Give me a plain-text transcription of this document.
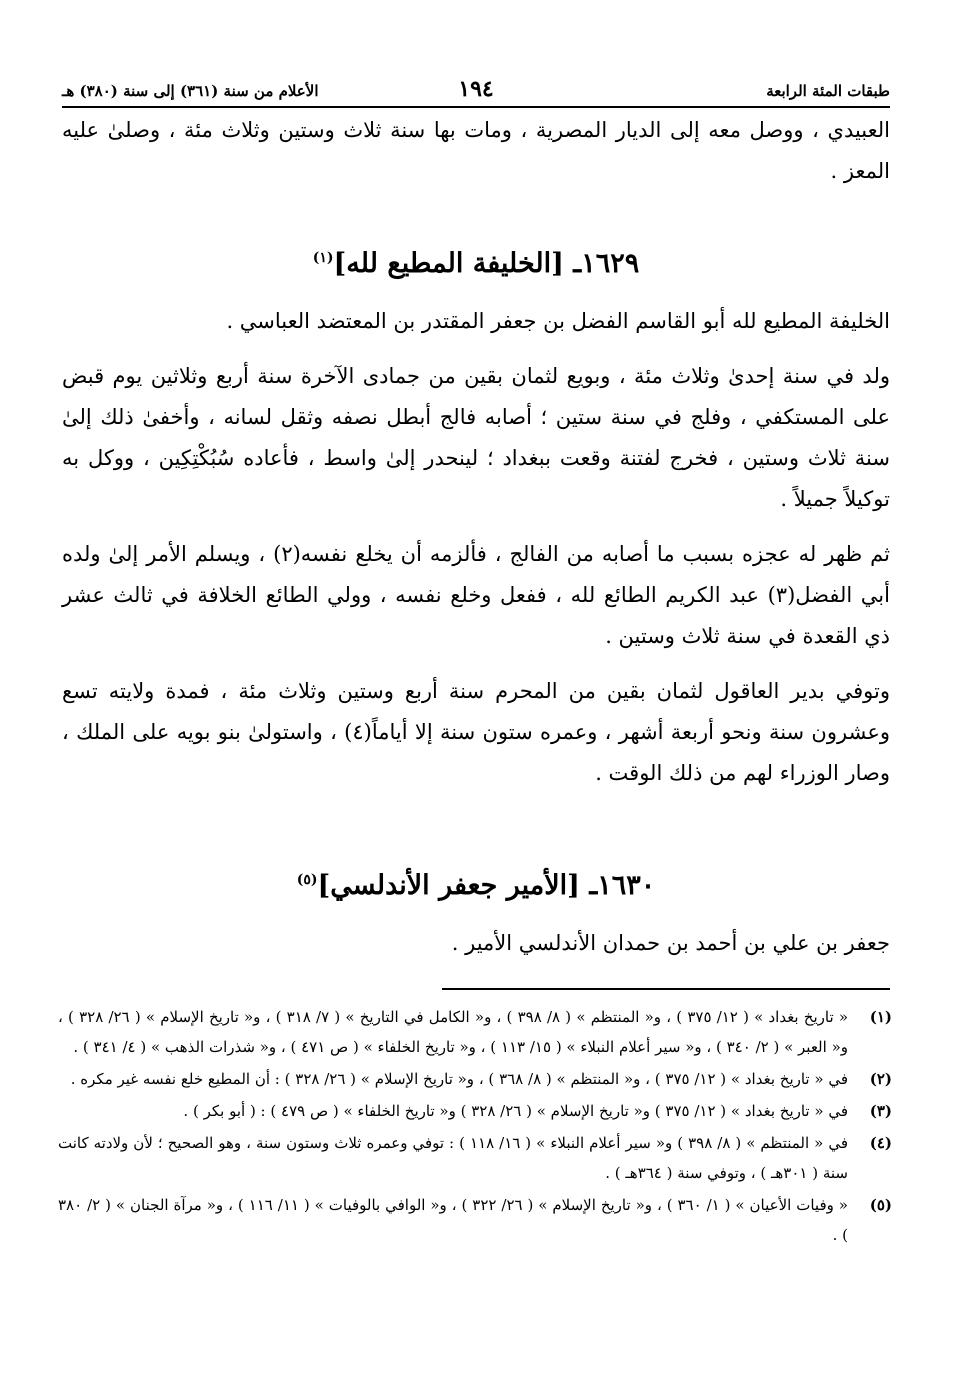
طبقات المئة الرابعة
١٩٤
الأعلام من سنة (٣٦١) إلى سنة (٣٨٠) هـ

العبيدي ، ووصل معه إلى الديار المصرية ، ومات بها سنة ثلاث وستين وثلاث مئة ، وصلىٰ عليه المعز .

١٦٢٩ـ [الخليفة المطيع لله]$^{(١)}$

الخليفة المطيع لله أبو القاسم الفضل بن جعفر المقتدر بن المعتضد العباسي .

ولد في سنة إحدىٰ وثلاث مئة ، وبويع لثمان بقين من جمادى الآخرة سنة أربع وثلاثين يوم قبض على المستكفي ، وفلج في سنة ستين ؛ أصابه فالج أبطل نصفه وثقل لسانه ، وأخفىٰ ذلك إلىٰ سنة ثلاث وستين ، فخرج لفتنة وقعت ببغداد ؛ لينحدر إلىٰ واسط ، فأعاده سُبُكْتِكِين ، ووكل به توكيلاً جميلاً .

ثم ظهر له عجزه بسبب ما أصابه من الفالج ، فألزمه أن يخلع نفسه(٢) ، ويسلم الأمر إلىٰ ولده أبي الفضل(٣) عبد الكريم الطائع لله ، ففعل وخلع نفسه ، وولي الطائع الخلافة في ثالث عشر ذي القعدة في سنة ثلاث وستين .

وتوفي بدير العاقول لثمان بقين من المحرم سنة أربع وستين وثلاث مئة ، فمدة ولايته تسع وعشرون سنة ونحو أربعة أشهر ، وعمره ستون سنة إلا أياماً(٤) ، واستولىٰ بنو بويه على الملك ، وصار الوزراء لهم من ذلك الوقت .

١٦٣٠ـ [الأمير جعفر الأندلسي]$^{(٥)}$

جعفر بن علي بن أحمد بن حمدان الأندلسي الأمير .

(١)
« تاريخ بغداد » ( ١٢/ ٣٧٥ ) ، و« المنتظم » ( ٨/ ٣٩٨ ) ، و« الكامل في التاريخ » ( ٧/ ٣١٨ ) ، و« تاريخ الإسلام » ( ٢٦/ ٣٢٨ ) ، و« العبر » ( ٢/ ٣٤٠ ) ، و« سير أعلام النبلاء » ( ١٥/ ١١٣ ) ، و« تاريخ الخلفاء » ( ص ٤٧١ ) ، و« شذرات الذهب » ( ٤/ ٣٤١ ) .
(٢)
في « تاريخ بغداد » ( ١٢/ ٣٧٥ ) ، و« المنتظم » ( ٨/ ٣٦٨ ) ، و« تاريخ الإسلام » ( ٢٦/ ٣٢٨ ) : أن المطيع خلع نفسه غير مكره .
(٣)
في « تاريخ بغداد » ( ١٢/ ٣٧٥ ) و« تاريخ الإسلام » ( ٢٦/ ٣٢٨ ) و« تاريخ الخلفاء » ( ص ٤٧٩ ) : ( أبو بكر ) .
(٤)
في « المنتظم » ( ٨/ ٣٩٨ ) و« سير أعلام النبلاء » ( ١٦/ ١١٨ ) : توفي وعمره ثلاث وستون سنة ، وهو الصحيح ؛ لأن ولادته كانت سنة ( ٣٠١هـ ) ، وتوفي سنة ( ٣٦٤هـ ) .
(٥)
« وفيات الأعيان » ( ١/ ٣٦٠ ) ، و« تاريخ الإسلام » ( ٢٦/ ٣٢٢ ) ، و« الوافي بالوفيات » ( ١١/ ١١٦ ) ، و« مرآة الجنان » ( ٢/ ٣٨٠ ) .
